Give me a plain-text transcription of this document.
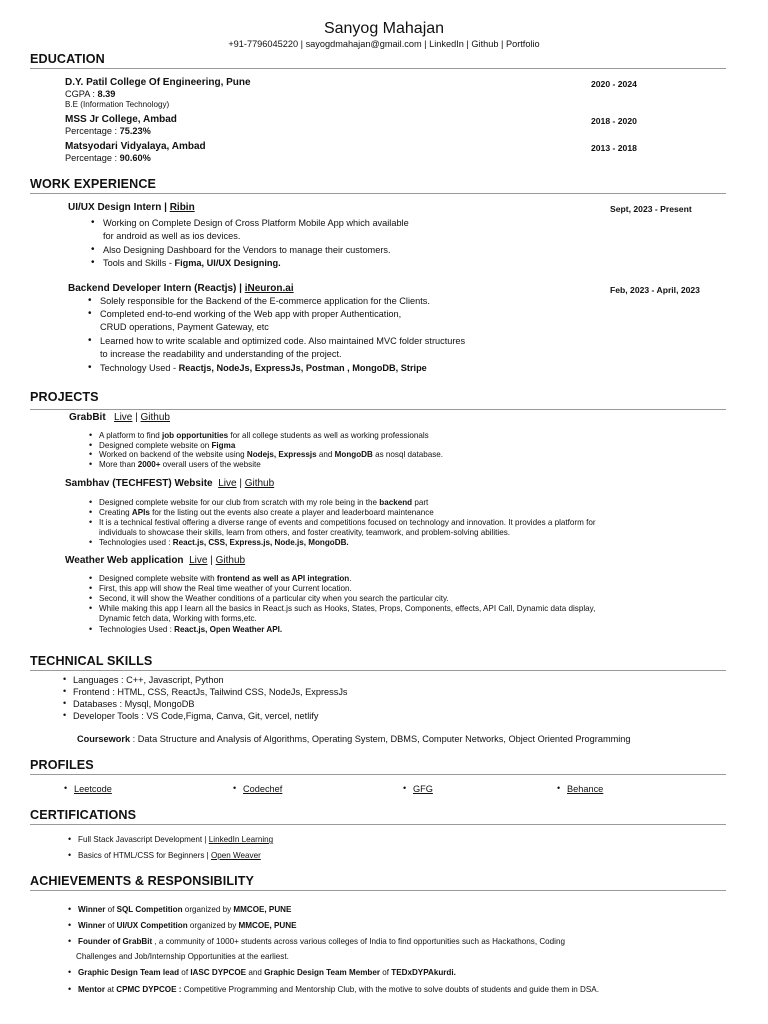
Sanyog Mahajan
+91-7796045220 | sayogdmahajan@gmail.com | LinkedIn | Github | Portfolio
EDUCATION
D.Y. Patil College Of Engineering, Pune	2020 - 2024
CGPA : 8.39
B.E (Information Technology)
MSS Jr College, Ambad	2018 - 2020
Percentage : 75.23%
Matsyodari Vidyalaya, Ambad	2013 - 2018
Percentage : 90.60%
WORK EXPERIENCE
UI/UX Design Intern | Ribin	Sept, 2023 - Present
• Working on Complete Design of Cross Platform Mobile App which available
for android as well as ios devices.
• Also Designing Dashboard for the Vendors to manage their customers.
• Tools and Skills - Figma, UI/UX Designing.
Backend Developer Intern (Reactjs) | iNeuron.ai	Feb, 2023 - April, 2023
• Solely responsible for the Backend of the E-commerce application for the Clients.
• Completed end-to-end working of the Web app with proper Authentication,
CRUD operations, Payment Gateway, etc
• Learned how to write scalable and optimized code. Also maintained MVC folder structures
to increase the readability and understanding of the project.
• Technology Used - Reactjs, NodeJs, ExpressJs, Postman , MongoDB, Stripe
PROJECTS
GrabBit Live | Github
• A platform to find job opportunities for all college students as well as working professionals
• Designed complete website on Figma
• Worked on backend of the website using Nodejs, Expressjs and MongoDB as nosql database.
• More than 2000+ overall users of the website
Sambhav (TECHFEST) Website Live | Github
• Designed complete website for our club from scratch with my role being in the backend part
• Creating APIs for the listing out the events also create a player and leaderboard maintenance
• It is a technical festival offering a diverse range of events and competitions focused on technology and innovation. It provides a platform for
individuals to showcase their skills, learn from others, and foster creativity, teamwork, and problem-solving abilities.
• Technologies used : React.js, CSS, Express.js, Node.js, MongoDB.
Weather Web application Live | Github
• Designed complete website with frontend as well as API integration.
• First, this app will show the Real time weather of your Current location.
• Second, it will show the Weather conditions of a particular city when you search the particular city.
• While making this app I learn all the basics in React.js such as Hooks, States, Props, Components, effects, API Call, Dynamic data display,
Dynamic fetch data, Working with forms,etc.
• Technologies Used : React.js, Open Weather API.
TECHNICAL SKILLS
• Languages : C++, Javascript, Python
• Frontend : HTML, CSS, ReactJs, Tailwind CSS, NodeJs, ExpressJs
• Databases : Mysql, MongoDB
• Developer Tools : VS Code,Figma, Canva, Git, vercel, netlify
Coursework : Data Structure and Analysis of Algorithms, Operating System, DBMS, Computer Networks, Object Oriented Programming
PROFILES
• Leetcode	• Codechef	• GFG	• Behance
CERTIFICATIONS
• Full Stack Javascript Development | LinkedIn Learning
• Basics of HTML/CSS for Beginners | Open Weaver
ACHIEVEMENTS & RESPONSIBILITY
• Winner of SQL Competition organized by MMCOE, PUNE
• Winner of UI/UX Competition organized by MMCOE, PUNE
• Founder of GrabBit , a community of 1000+ students across various colleges of India to find opportunities such as Hackathons, Coding
Challenges and Job/Internship Opportunities at the earliest.
• Graphic Design Team lead of IASC DYPCOE and Graphic Design Team Member of TEDxDYPAkurdi.
• Mentor at CPMC DYPCOE : Competitive Programming and Mentorship Club, with the motive to solve doubts of students and guide them in DSA.
